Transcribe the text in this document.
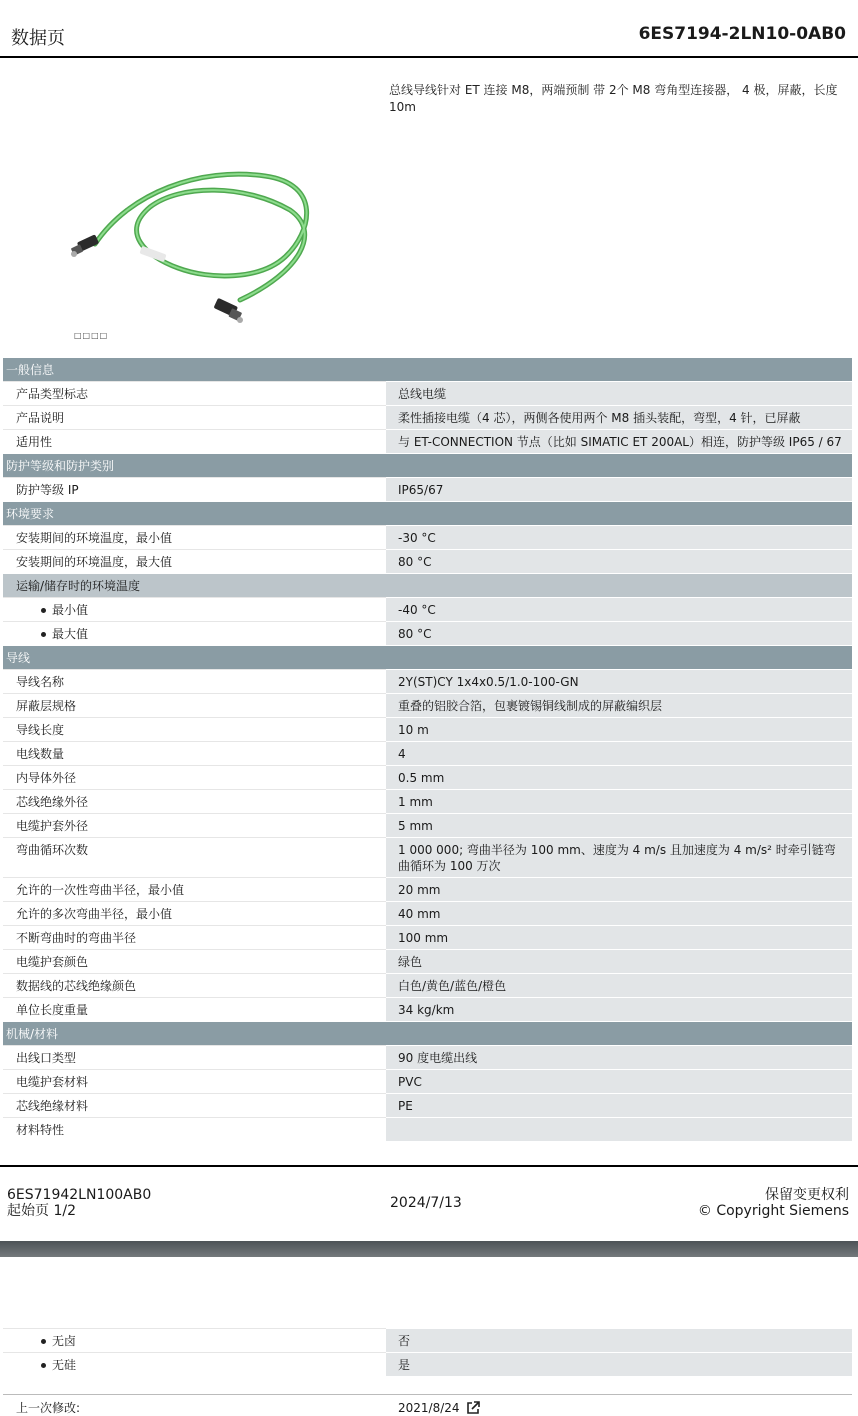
数据页	6ES7194-2LN10-0AB0
总线导线针对 ET 连接 M8，两端预制 带 2个 M8 弯角型连接器， 4 极，屏蔽，长度 10m
□□□□
一般信息
产品类型标志	总线电缆
产品说明	柔性插接电缆（4 芯），两侧各使用两个 M8 插头装配，弯型，4 针，已屏蔽
适用性	与 ET-CONNECTION 节点（比如 SIMATIC ET 200AL）相连，防护等级 IP65 / 67
防护等级和防护类别
防护等级 IP	IP65/67
环境要求
安装期间的环境温度，最小值	-30 °C
安装期间的环境温度，最大值	80 °C
运输/储存时的环境温度
最小值	-40 °C
最大值	80 °C
导线
导线名称	2Y(ST)CY 1x4x0.5/1.0-100-GN
屏蔽层规格	重叠的铝胶合箔，包裹镀锡铜线制成的屏蔽编织层
导线长度	10 m
电线数量	4
内导体外径	0.5 mm
芯线绝缘外径	1 mm
电缆护套外径	5 mm
弯曲循环次数	1 000 000; 弯曲半径为 100 mm、速度为 4 m/s 且加速度为 4 m/s² 时牵引链弯曲循环为 100 万次
允许的一次性弯曲半径，最小值	20 mm
允许的多次弯曲半径，最小值	40 mm
不断弯曲时的弯曲半径	100 mm
电缆护套颜色	绿色
数据线的芯线绝缘颜色	白色/黄色/蓝色/橙色
单位长度重量	34 kg/km
机械/材料
出线口类型	90 度电缆出线
电缆护套材料	PVC
芯线绝缘材料	PE
材料特性
6ES71942LN100AB0
起始页 1/2	2024/7/13	保留变更权利
© Copyright Siemens
无卤	否
无硅	是
上一次修改:	2021/8/24
